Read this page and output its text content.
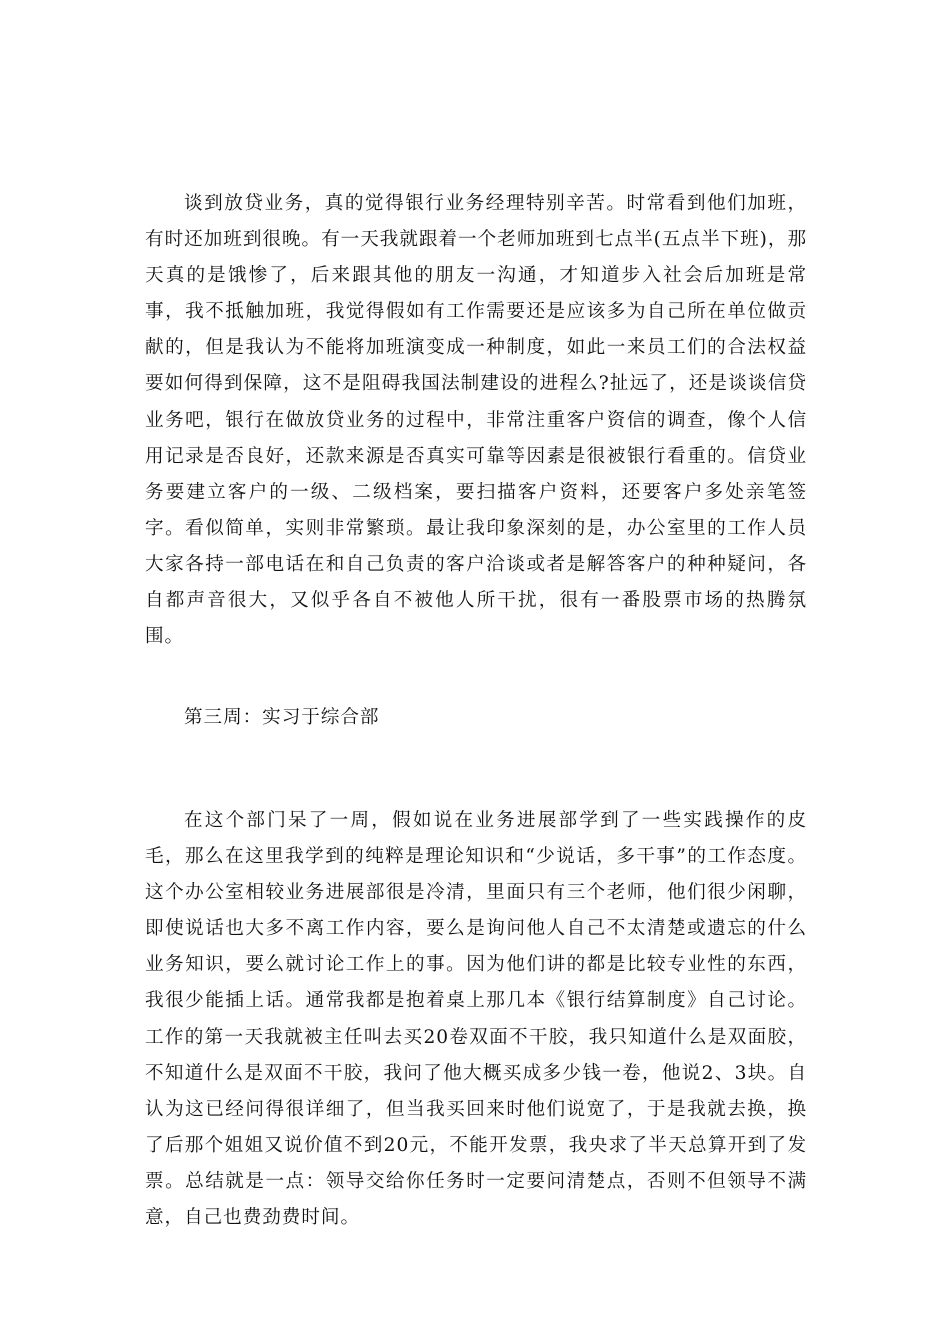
谈到放贷业务，真的觉得银行业务经理特别辛苦。时常看到他们加班，有时还加班到很晚。有一天我就跟着一个老师加班到七点半(五点半下班)，那天真的是饿惨了，后来跟其他的朋友一沟通，才知道步入社会后加班是常事，我不抵触加班，我觉得假如有工作需要还是应该多为自己所在单位做贡献的，但是我认为不能将加班演变成一种制度，如此一来员工们的合法权益要如何得到保障，这不是阻碍我国法制建设的进程么?扯远了，还是谈谈信贷业务吧，银行在做放贷业务的过程中，非常注重客户资信的调查，像个人信用记录是否良好，还款来源是否真实可靠等因素是很被银行看重的。信贷业务要建立客户的一级、二级档案，要扫描客户资料，还要客户多处亲笔签字。看似简单，实则非常繁琐。最让我印象深刻的是，办公室里的工作人员大家各持一部电话在和自己负责的客户洽谈或者是解答客户的种种疑问，各自都声音很大，又似乎各自不被他人所干扰，很有一番股票市场的热腾氛围。

第三周：实习于综合部

在这个部门呆了一周，假如说在业务进展部学到了一些实践操作的皮毛，那么在这里我学到的纯粹是理论知识和“少说话，多干事”的工作态度。这个办公室相较业务进展部很是冷清，里面只有三个老师，他们很少闲聊，即使说话也大多不离工作内容，要么是询问他人自己不太清楚或遗忘的什么业务知识，要么就讨论工作上的事。因为他们讲的都是比较专业性的东西，我很少能插上话。通常我都是抱着桌上那几本《银行结算制度》自己讨论。工作的第一天我就被主任叫去买20卷双面不干胶，我只知道什么是双面胶，不知道什么是双面不干胶，我问了他大概买成多少钱一卷，他说2、3块。自认为这已经问得很详细了，但当我买回来时他们说宽了，于是我就去换，换了后那个姐姐又说价值不到20元，不能开发票，我央求了半天总算开到了发票。总结就是一点：领导交给你任务时一定要问清楚点，否则不但领导不满意，自己也费劲费时间。
